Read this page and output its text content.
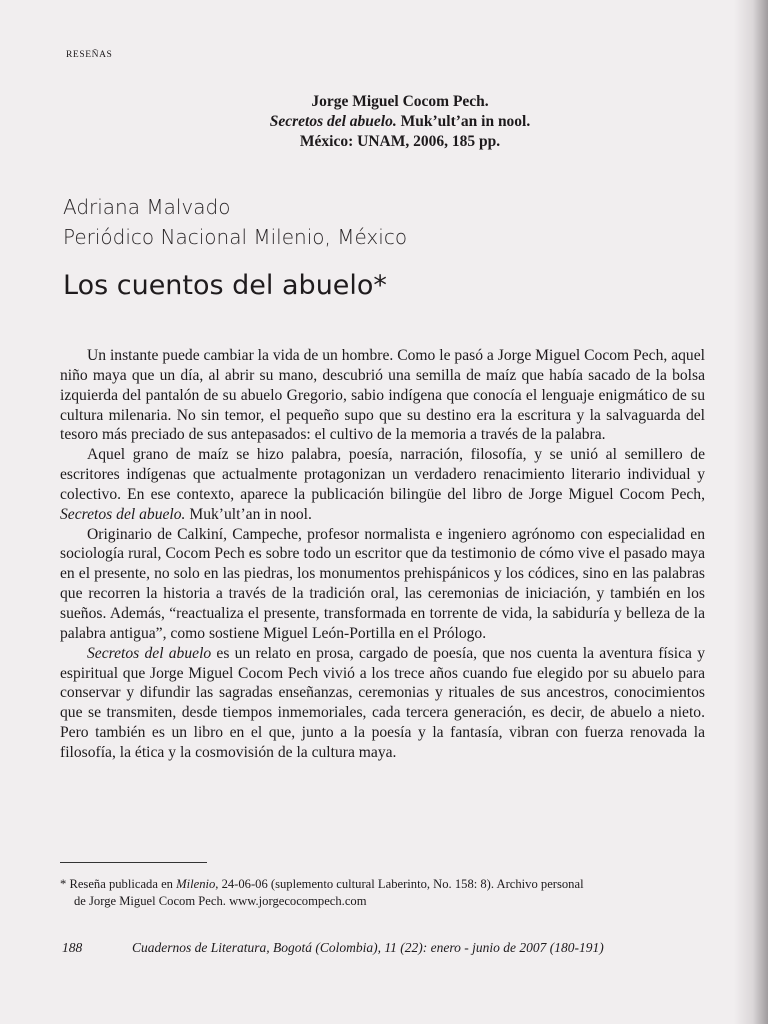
RESEÑAS
Jorge Miguel Cocom Pech.
Secretos del abuelo. Muk’ult’an in nool.
México: UNAM, 2006, 185 pp.
Adriana Malvado
Periódico Nacional Milenio, México
Los cuentos del abuelo*

Un instante puede cambiar la vida de un hombre. Como le pasó a Jorge Miguel Cocom Pech, aquel niño maya que un día, al abrir su mano, descubrió una semilla de maíz que había sacado de la bolsa izquierda del pantalón de su abuelo Gregorio, sabio indígena que conocía el lenguaje enigmático de su cultura milenaria. No sin temor, el pequeño supo que su destino era la escritura y la salvaguarda del tesoro más preciado de sus antepasados: el cultivo de la memoria a través de la palabra.

Aquel grano de maíz se hizo palabra, poesía, narración, filosofía, y se unió al semillero de escritores indígenas que actualmente protagonizan un verdadero renacimiento literario individual y colectivo. En ese contexto, aparece la publicación bilingüe del libro de Jorge Miguel Cocom Pech, Secretos del abuelo. Muk’ult’an in nool.

Originario de Calkiní, Campeche, profesor normalista e ingeniero agrónomo con especialidad en sociología rural, Cocom Pech es sobre todo un escritor que da testimonio de cómo vive el pasado maya en el presente, no solo en las piedras, los monumentos prehispánicos y los códices, sino en las palabras que recorren la historia a través de la tradición oral, las ceremonias de iniciación, y también en los sueños. Además, “reactualiza el presente, transformada en torrente de vida, la sabiduría y belleza de la palabra antigua”, como sostiene Miguel León-Portilla en el Prólogo.

Secretos del abuelo es un relato en prosa, cargado de poesía, que nos cuenta la aventura física y espiritual que Jorge Miguel Cocom Pech vivió a los trece años cuando fue elegido por su abuelo para conservar y difundir las sagradas enseñanzas, ceremonias y rituales de sus ancestros, conocimientos que se transmiten, desde tiempos inmemoriales, cada tercera generación, es decir, de abuelo a nieto. Pero también es un libro en el que, junto a la poesía y la fantasía, vibran con fuerza renovada la filosofía, la ética y la cosmovisión de la cultura maya.

* Reseña publicada en Milenio, 24-06-06 (suplemento cultural Laberinto, No. 158: 8). Archivo personal
de Jorge Miguel Cocom Pech. www.jorgecocompech.com
188	Cuadernos de Literatura, Bogotá (Colombia), 11 (22): enero - junio de 2007 (180-191)
